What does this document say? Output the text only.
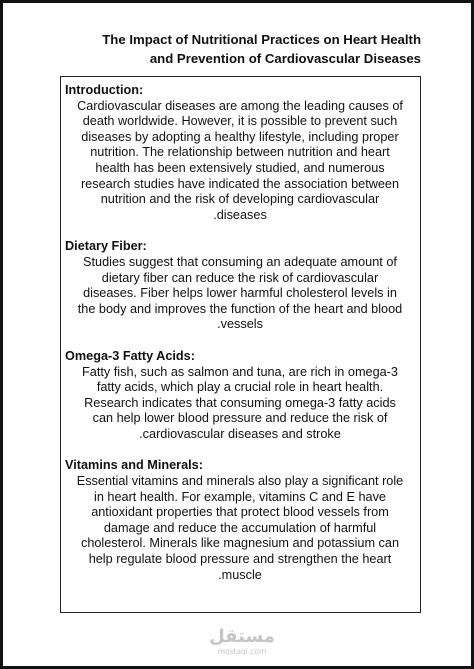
The Impact of Nutritional Practices on Heart Health
and Prevention of Cardiovascular Diseases
Introduction:
Cardiovascular diseases are among the leading causes of
death worldwide. However, it is possible to prevent such
diseases by adopting a healthy lifestyle, including proper
nutrition. The relationship between nutrition and heart
health has been extensively studied, and numerous
research studies have indicated the association between
nutrition and the risk of developing cardiovascular
.diseases
Dietary Fiber:
Studies suggest that consuming an adequate amount of
dietary fiber can reduce the risk of cardiovascular
diseases. Fiber helps lower harmful cholesterol levels in
the body and improves the function of the heart and blood
.vessels
Omega-3 Fatty Acids:
Fatty fish, such as salmon and tuna, are rich in omega-3
fatty acids, which play a crucial role in heart health.
Research indicates that consuming omega-3 fatty acids
can help lower blood pressure and reduce the risk of
.cardiovascular diseases and stroke
Vitamins and Minerals:
Essential vitamins and minerals also play a significant role
in heart health. For example, vitamins C and E have
antioxidant properties that protect blood vessels from
damage and reduce the accumulation of harmful
cholesterol. Minerals like magnesium and potassium can
help regulate blood pressure and strengthen the heart
.muscle
مستقل
mostaql.com
